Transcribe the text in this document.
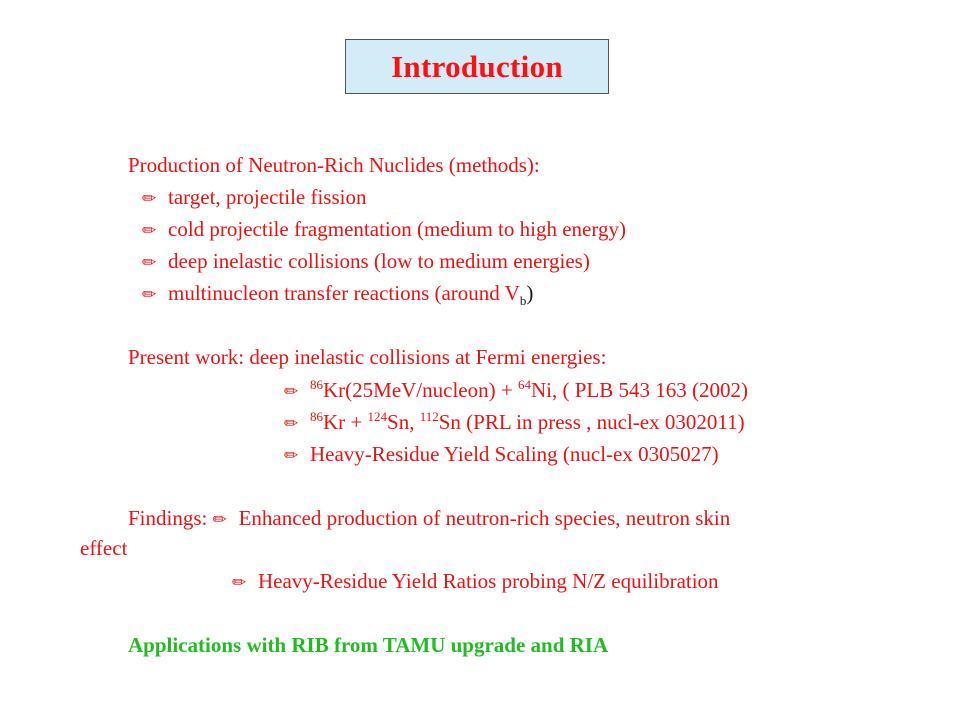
Introduction
Production of Neutron-Rich Nuclides (methods):
✏ target, projectile fission
✏ cold projectile fragmentation (medium to high energy)
✏ deep inelastic collisions (low to medium energies)
✏ multinucleon transfer reactions (around $V_b$)
Present work: deep inelastic collisions at Fermi energies:
✏ $^{86}$Kr(25MeV/nucleon) + $^{64}$Ni, ( PLB 543 163 (2002)
✏ $^{86}$Kr + $^{124}$Sn, $^{112}$Sn (PRL in press , nucl-ex 0302011)
✏ Heavy-Residue Yield Scaling (nucl-ex 0305027)
Findings: ✏ Enhanced production of neutron-rich species, neutron skin
effect
✏ Heavy-Residue Yield Ratios probing N/Z equilibration
Applications with RIB from TAMU upgrade and RIA
